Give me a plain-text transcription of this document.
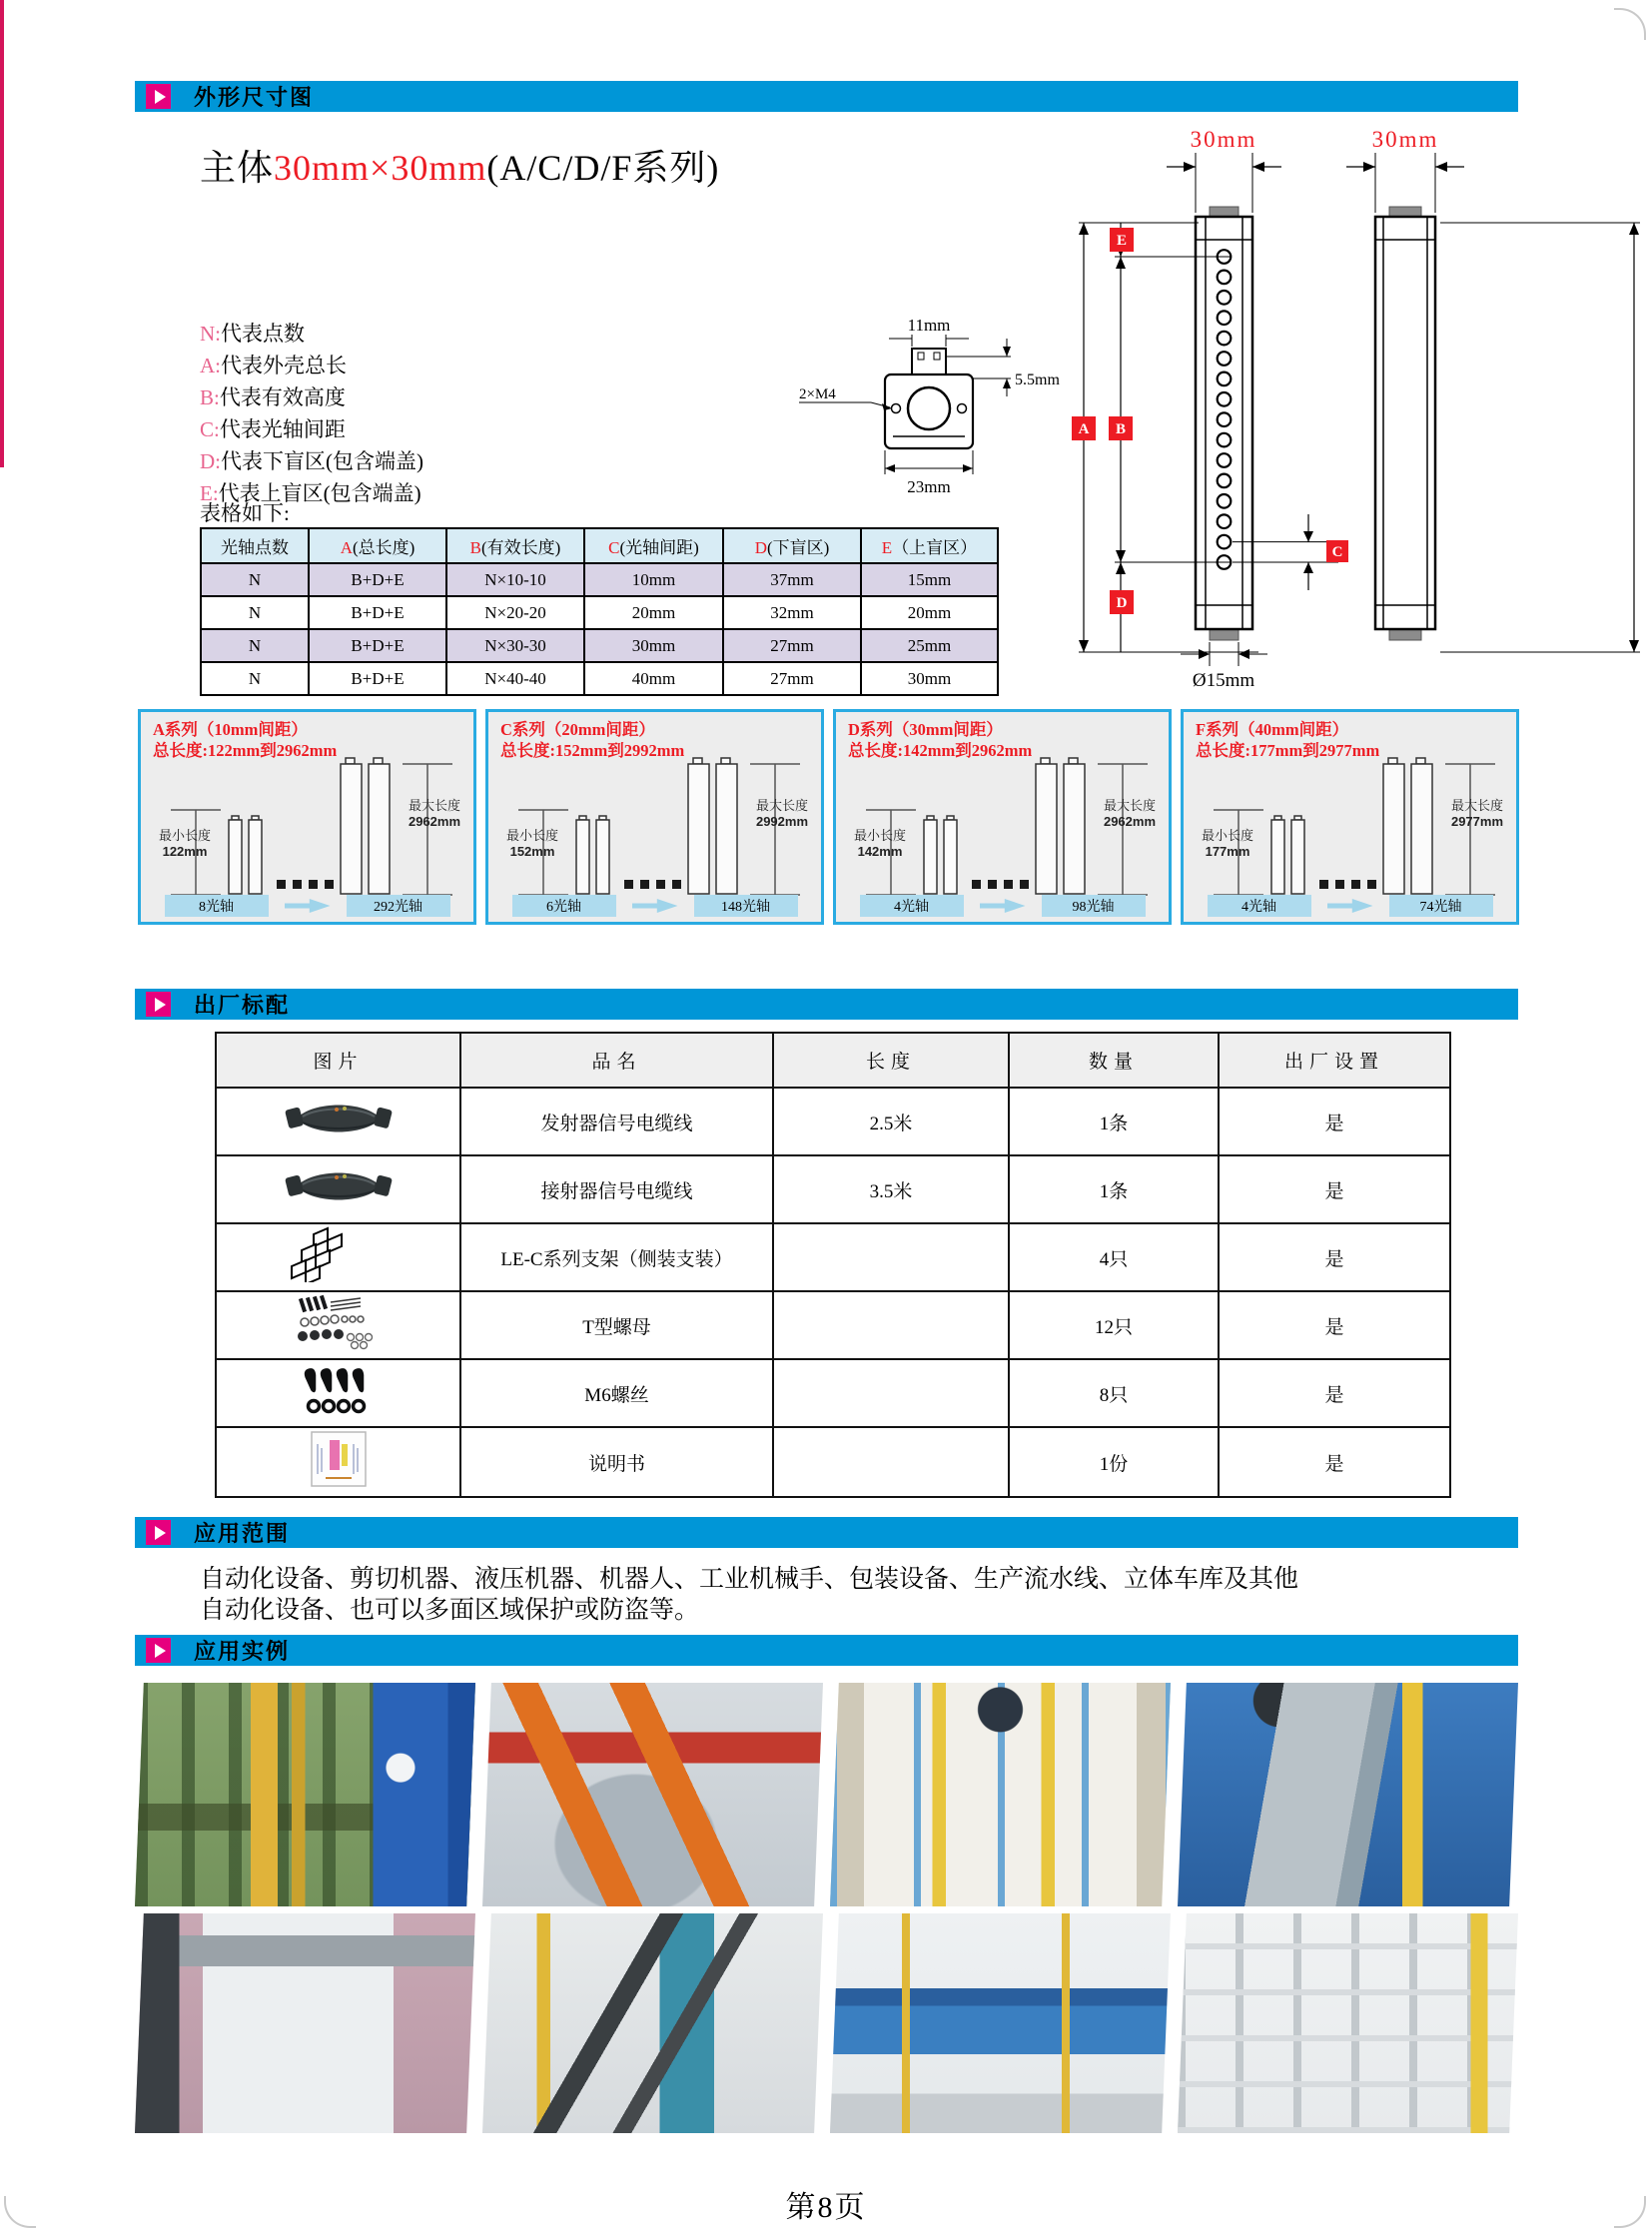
外形尺寸图
主体30mm×30mm(A/C/D/F系列)
N:代表点数
A:代表外壳总长
B:代表有效高度
C:代表光轴间距
D:代表下盲区(包含端盖)
E:代表上盲区(包含端盖)
表格如下:
光轴点数	A(总长度)	B(有效长度)	C(光轴间距)	D(下盲区)	E（上盲区）
N	B+D+E	N×10-10	10mm	37mm	15mm
N	B+D+E	N×20-20	20mm	32mm	20mm
N	B+D+E	N×30-30	30mm	27mm	25mm
N	B+D+E	N×40-40	40mm	27mm	30mm
11mm
2×M4
5.5mm
23mm
30mm
A B
E
D
C
Ø15mm
30mm
A系列（10mm间距）
总长度:122mm到2962mm
最小长度
122mm
最大长度
2962mm
8光轴	292光轴
C系列（20mm间距）
总长度:152mm到2992mm
最小长度
152mm
最大长度
2992mm
6光轴	148光轴
D系列（30mm间距）
总长度:142mm到2962mm
最小长度
142mm
最大长度
2962mm
4光轴	98光轴
F系列（40mm间距）
总长度:177mm到2977mm
最小长度
177mm
最大长度
2977mm
4光轴	74光轴
出厂标配
图片	品名	长度	数量	出厂设置
	发射器信号电缆线	2.5米	1条	是
	接射器信号电缆线	3.5米	1条	是
	LE-C系列支架（侧装支装）		4只	是
	T型螺母		12只	是
	M6螺丝		8只	是
	说明书		1份	是
应用范围
自动化设备、剪切机器、液压机器、机器人、工业机械手、包装设备、生产流水线、立体车库及其他
自动化设备、也可以多面区域保护或防盗等。
应用实例
第8页
